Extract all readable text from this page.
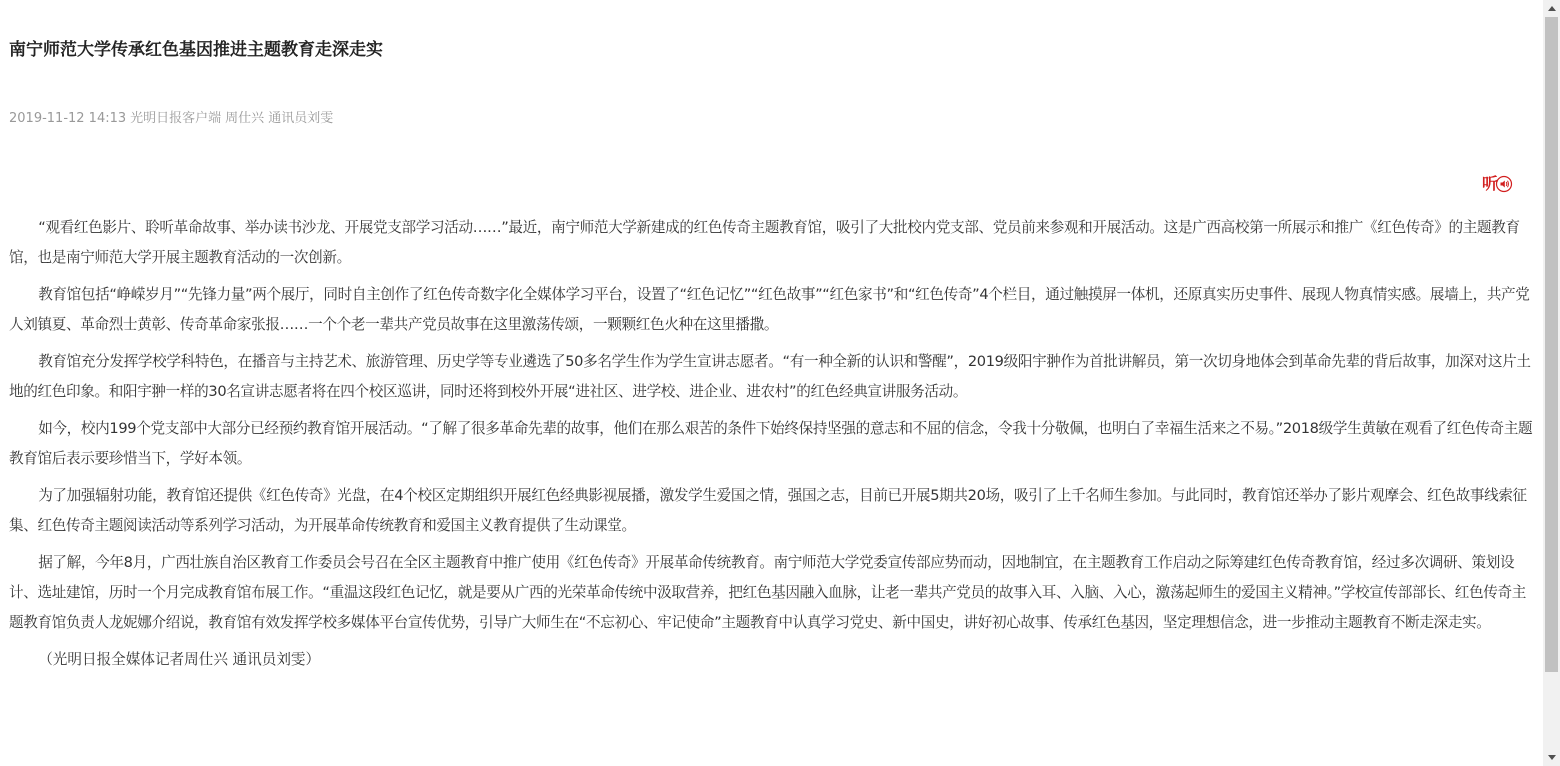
南宁师范大学传承红色基因推进主题教育走深走实
2019-11-12 14:13 光明日报客户端 周仕兴 通讯员刘雯
听

“观看红色影片、聆听革命故事、举办读书沙龙、开展党支部学习活动……”最近，南宁师范大学新建成的红色传奇主题教育馆，吸引了大批校内党支部、党员前来参观和开展活动。这是广西高校第一所展示和推广《红色传奇》的主题教育馆，也是南宁师范大学开展主题教育活动的一次创新。

教育馆包括“峥嵘岁月”“先锋力量”两个展厅，同时自主创作了红色传奇数字化全媒体学习平台，设置了“红色记忆”“红色故事”“红色家书”和“红色传奇”4个栏目，通过触摸屏一体机，还原真实历史事件、展现人物真情实感。展墙上，共产党人刘镇夏、革命烈士黄彰、传奇革命家张报……一个个老一辈共产党员故事在这里激荡传颂，一颗颗红色火种在这里播撒。

教育馆充分发挥学校学科特色，在播音与主持艺术、旅游管理、历史学等专业遴选了50多名学生作为学生宣讲志愿者。“有一种全新的认识和警醒”，2019级阳宇翀作为首批讲解员，第一次切身地体会到革命先辈的背后故事，加深对这片土地的红色印象。和阳宇翀一样的30名宣讲志愿者将在四个校区巡讲，同时还将到校外开展“进社区、进学校、进企业、进农村”的红色经典宣讲服务活动。

如今，校内199个党支部中大部分已经预约教育馆开展活动。“了解了很多革命先辈的故事，他们在那么艰苦的条件下始终保持坚强的意志和不屈的信念，令我十分敬佩，也明白了幸福生活来之不易。”2018级学生黄敏在观看了红色传奇主题教育馆后表示要珍惜当下，学好本领。

为了加强辐射功能，教育馆还提供《红色传奇》光盘，在4个校区定期组织开展红色经典影视展播，激发学生爱国之情，强国之志，目前已开展5期共20场，吸引了上千名师生参加。与此同时，教育馆还举办了影片观摩会、红色故事线索征集、红色传奇主题阅读活动等系列学习活动，为开展革命传统教育和爱国主义教育提供了生动课堂。

据了解，今年8月，广西壮族自治区教育工作委员会号召在全区主题教育中推广使用《红色传奇》开展革命传统教育。南宁师范大学党委宣传部应势而动，因地制宜，在主题教育工作启动之际筹建红色传奇教育馆，经过多次调研、策划设计、选址建馆，历时一个月完成教育馆布展工作。“重温这段红色记忆，就是要从广西的光荣革命传统中汲取营养，把红色基因融入血脉，让老一辈共产党员的故事入耳、入脑、入心，激荡起师生的爱国主义精神。”学校宣传部部长、红色传奇主题教育馆负责人龙妮娜介绍说，教育馆有效发挥学校多媒体平台宣传优势，引导广大师生在“不忘初心、牢记使命”主题教育中认真学习党史、新中国史，讲好初心故事、传承红色基因，坚定理想信念，进一步推动主题教育不断走深走实。

（光明日报全媒体记者周仕兴 通讯员刘雯）
